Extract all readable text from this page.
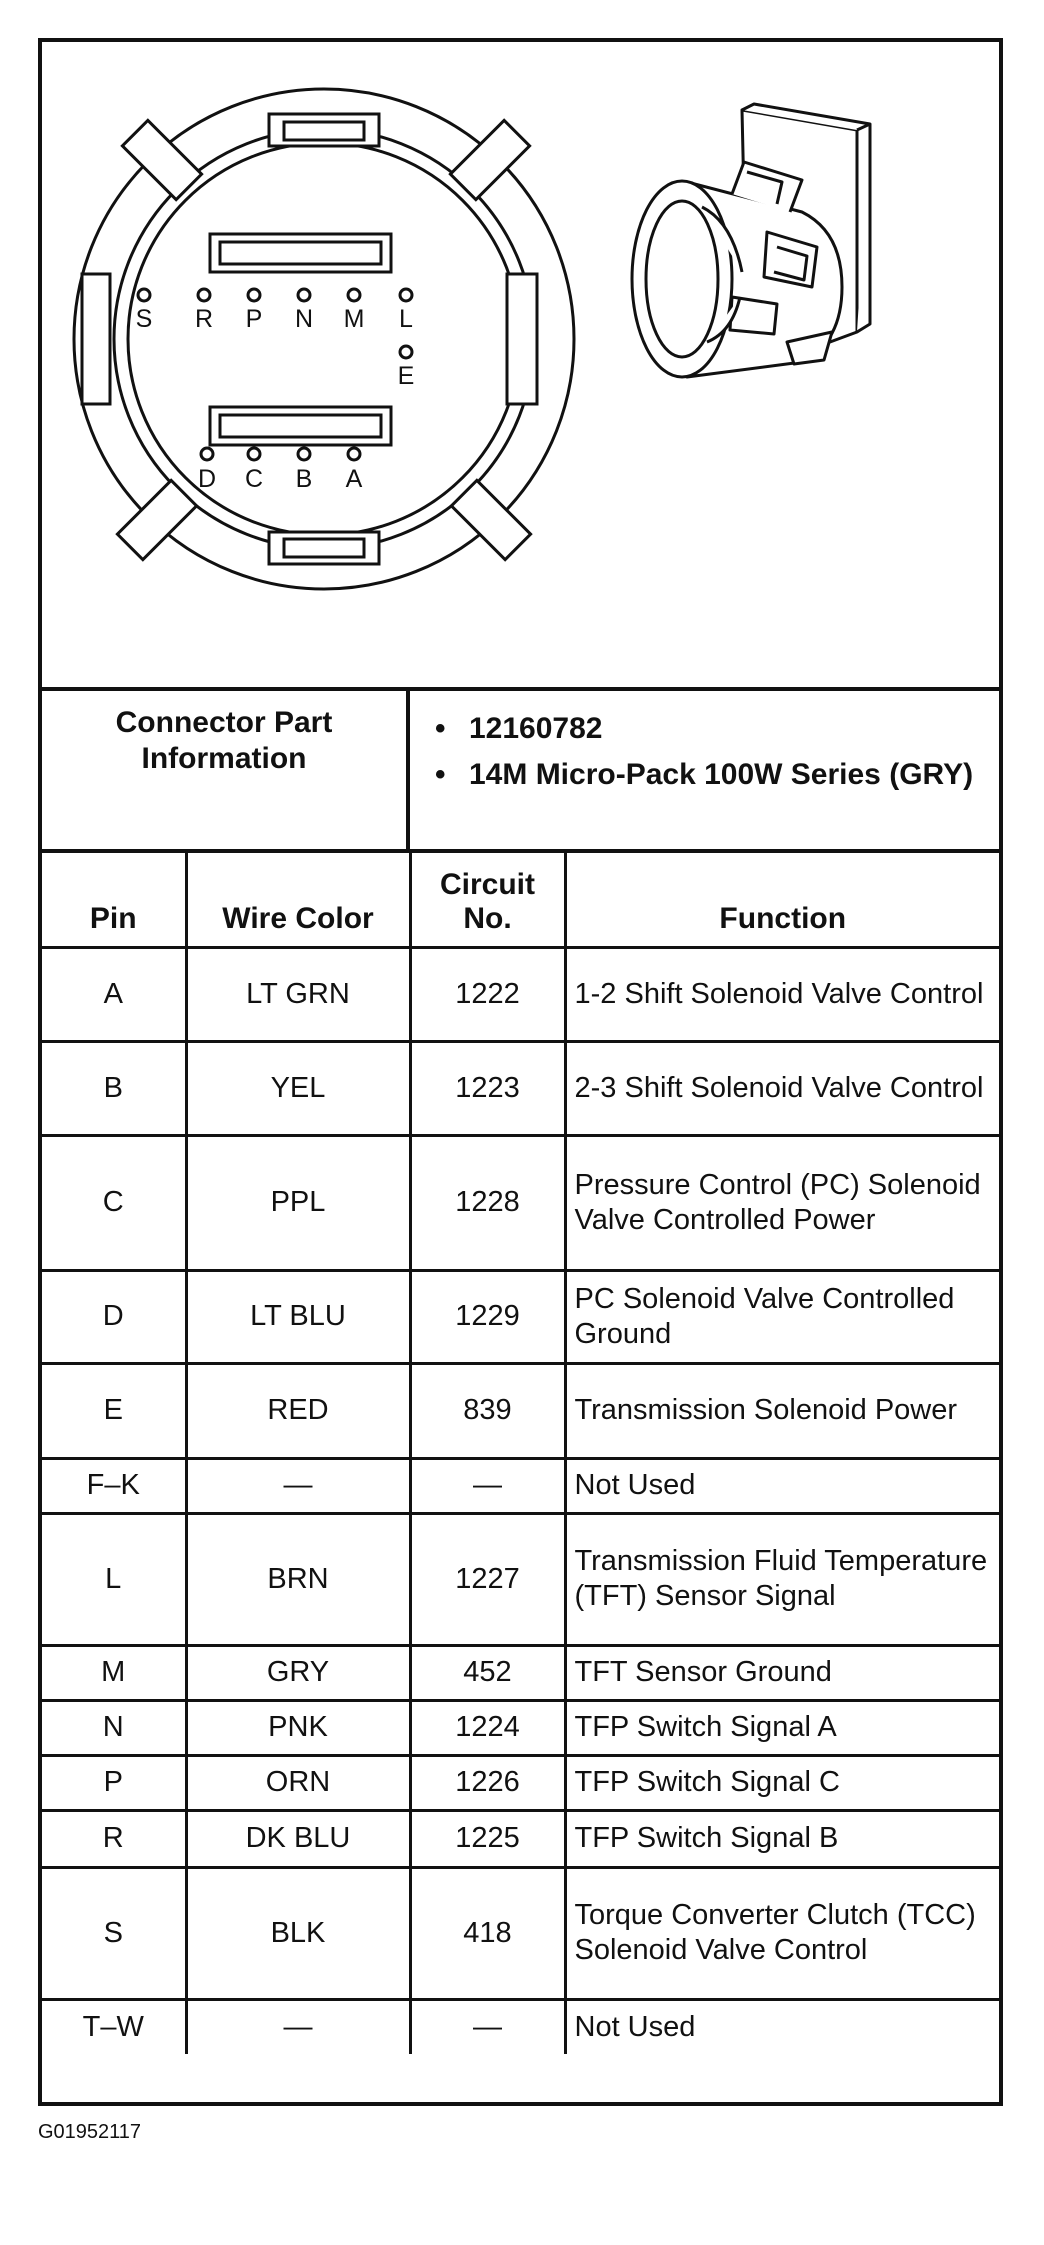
S R P N M L
E
D C B A
Connector Part Information
• 12160782
• 14M Micro-Pack 100W Series (GRY)
Pin	Wire Color	Circuit No.	Function
A	LT GRN	1222	1-2 Shift Solenoid Valve Control
B	YEL	1223	2-3 Shift Solenoid Valve Control
C	PPL	1228	Pressure Control (PC) Solenoid Valve Controlled Power
D	LT BLU	1229	PC Solenoid Valve Controlled Ground
E	RED	839	Transmission Solenoid Power
F–K	—	—	Not Used
L	BRN	1227	Transmission Fluid Temperature (TFT) Sensor Signal
M	GRY	452	TFT Sensor Ground
N	PNK	1224	TFP Switch Signal A
P	ORN	1226	TFP Switch Signal C
R	DK BLU	1225	TFP Switch Signal B
S	BLK	418	Torque Converter Clutch (TCC) Solenoid Valve Control
T–W	—	—	Not Used
G01952117
